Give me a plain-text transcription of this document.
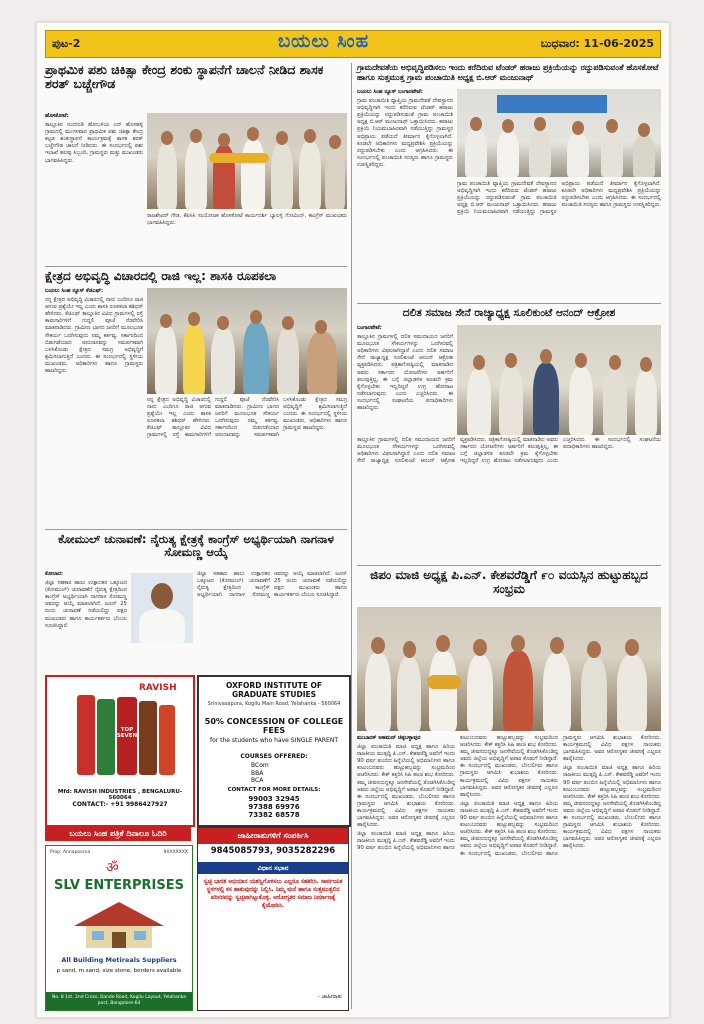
ಪುಟ-2	ಬಯಲು ಸಿಂಹ	ಬುಧವಾರ: 11-06-2025
ಪ್ರಾಥಮಿಕ ಪಶು ಚಿಕಿತ್ಸಾ ಕೇಂದ್ರ ಶಂಕು ಸ್ಥಾಪನೆಗೆ ಚಾಲನೆ ನೀಡಿದ ಶಾಸಕ ಶರತ್ ಬಚ್ಚೇಗೌಡ

ಹೊಸಕೋಟೆ:

ತಾಲ್ಲೂಕಿನ ನಂದಗುಡಿ ಹೋಬಳಿಯ ಎನ್ ಹೊಸಹಳ್ಳಿ ಗ್ರಾಮದಲ್ಲಿ ಮಂಗಳವಾರ ಪ್ರಾಥಮಿಕ ಪಶು ಚಿಕಿತ್ಸಾ ಕೇಂದ್ರ ಕಟ್ಟಡ ಶಂಕುಸ್ಥಾಪನೆ ಕಾರ್ಯಕ್ರಮಕ್ಕೆ ಶಾಸಕ ಶರತ್ ಬಚ್ಚೇಗೌಡ ಚಾಲನೆ ನೀಡಿದರು. ಈ ಸಂದರ್ಭದಲ್ಲಿ ಪಶು ಇಲಾಖೆ ಹಲವು ಸಿಬ್ಬಂದಿ, ಗ್ರಾಮಸ್ಥರು ಮತ್ತು ಮುಖಂಡರು ಭಾಗವಹಿಸಿದ್ದರು.

ರಾಜಶೇಖರ್ ಗೌಡ, ಕೆಪಿಸಿಸಿ ಸಂಯೋಜಕ ಹೊಸಕೋಟೆ ಕಾರ್ಯದರ್ಶಿ ಬ್ಯಾಲಳ್ಳಿ ಗೋವಿಂದ್, ಕಾಂಗ್ರೆಸ್ ಮುಖಂಡರು ಭಾಗವಹಿಸಿದ್ದರು.
ಕ್ಷೇತ್ರದ ಅಭಿವೃದ್ಧಿ ವಿಚಾರದಲ್ಲಿ ರಾಜಿ ಇಲ್ಲ: ಶಾಸಕಿ ರೂಪಕಲಾ

ಬಯಲು ಸಿಂಹ ನ್ಯೂಸ್ ಕೆಜಿಎಫ್:

ನನ್ನ ಕ್ಷೇತ್ರದ ಅಭಿವೃದ್ಧಿ ವಿಚಾರದಲ್ಲಿ ನಾನು ಎಂದಿಗೂ ರಾಜಿ ಆಗುವ ಪ್ರಶ್ನೆಯೇ ಇಲ್ಲ ಎಂದು ಶಾಸಕಿ ರೂಪಕಲಾ ಶಶಿಧರ್ ಹೇಳಿದರು. ಕೆಜಿಎಫ್ ತಾಲ್ಲೂಕಿನ ವಿವಿಧ ಗ್ರಾಮಗಳಲ್ಲಿ ರಸ್ತೆ ಕಾಮಗಾರಿಗಳಿಗೆ ಗುದ್ದಲಿ ಪೂಜೆ ನೆರವೇರಿಸಿ ಮಾತನಾಡಿದರು. ಗ್ರಾಮೀಣ ಭಾಗದ ಜನರಿಗೆ ಮೂಲಭೂತ ಸೌಕರ್ಯ ಒದಗಿಸುವುದು ನಮ್ಮ ಕರ್ತವ್ಯ. ಸರ್ಕಾರದಿಂದ ಬಿಡುಗಡೆಯಾದ ಅನುದಾನವನ್ನು ಸಮರ್ಪಕವಾಗಿ ಬಳಸಿಕೊಂಡು ಕ್ಷೇತ್ರದ ಸಮಗ್ರ ಅಭಿವೃದ್ಧಿಗೆ ಶ್ರಮಿಸಲಾಗುತ್ತಿದೆ ಎಂದರು. ಈ ಸಂದರ್ಭದಲ್ಲಿ ಸ್ಥಳೀಯ ಮುಖಂಡರು, ಅಧಿಕಾರಿಗಳು ಹಾಗೂ ಗ್ರಾಮಸ್ಥರು ಹಾಜರಿದ್ದರು.

ನನ್ನ ಕ್ಷೇತ್ರದ ಅಭಿವೃದ್ಧಿ ವಿಚಾರದಲ್ಲಿ ನಾನು ಎಂದಿಗೂ ರಾಜಿ ಆಗುವ ಪ್ರಶ್ನೆಯೇ ಇಲ್ಲ ಎಂದು ಶಾಸಕಿ ರೂಪಕಲಾ ಶಶಿಧರ್ ಹೇಳಿದರು. ಕೆಜಿಎಫ್ ತಾಲ್ಲೂಕಿನ ವಿವಿಧ ಗ್ರಾಮಗಳಲ್ಲಿ ರಸ್ತೆ ಕಾಮಗಾರಿಗಳಿಗೆ ಗುದ್ದಲಿ ಪೂಜೆ ನೆರವೇರಿಸಿ ಮಾತನಾಡಿದರು. ಗ್ರಾಮೀಣ ಭಾಗದ ಜನರಿಗೆ ಮೂಲಭೂತ ಸೌಕರ್ಯ ಒದಗಿಸುವುದು ನಮ್ಮ ಕರ್ತವ್ಯ. ಸರ್ಕಾರದಿಂದ ಬಿಡುಗಡೆಯಾದ ಅನುದಾನವನ್ನು ಸಮರ್ಪಕವಾಗಿ ಬಳಸಿಕೊಂಡು ಕ್ಷೇತ್ರದ ಸಮಗ್ರ ಅಭಿವೃದ್ಧಿಗೆ ಶ್ರಮಿಸಲಾಗುತ್ತಿದೆ ಎಂದರು. ಈ ಸಂದರ್ಭದಲ್ಲಿ ಸ್ಥಳೀಯ ಮುಖಂಡರು, ಅಧಿಕಾರಿಗಳು ಹಾಗೂ ಗ್ರಾಮಸ್ಥರು ಹಾಜರಿದ್ದರು.
ಕೋಮುಲ್ ಚುನಾವಣೆ: ನೈರುತ್ಯ ಕ್ಷೇತ್ರಕ್ಕೆ ಕಾಂಗ್ರೆಸ್ ಅಭ್ಯರ್ಥಿಯಾಗಿ ನಾಗನಾಳ ಸೋಮಣ್ಣ ಆಯ್ಕೆ

ಕೋಲಾರ:

ಜಿಲ್ಲಾ ಸಹಕಾರ ಹಾಲು ಉತ್ಪಾದಕರ ಒಕ್ಕೂಟದ (ಕೋಮುಲ್) ಚುನಾವಣೆಗೆ ನೈರುತ್ಯ ಕ್ಷೇತ್ರದಿಂದ ಕಾಂಗ್ರೆಸ್ ಅಭ್ಯರ್ಥಿಯಾಗಿ ನಾಗನಾಳ ಸೋಮಣ್ಣ ಅವರನ್ನು ಆಯ್ಕೆ ಮಾಡಲಾಗಿದೆ. ಜೂನ್ 25 ರಂದು ಚುನಾವಣೆ ನಡೆಯಲಿದ್ದು ಪಕ್ಷದ ಮುಖಂಡರು ಹಾಗೂ ಕಾರ್ಯಕರ್ತರು ಬೆಂಬಲ ಸೂಚಿಸಿದ್ದಾರೆ.

ಜಿಲ್ಲಾ ಸಹಕಾರ ಹಾಲು ಉತ್ಪಾದಕರ ಒಕ್ಕೂಟದ (ಕೋಮುಲ್) ಚುನಾವಣೆಗೆ ನೈರುತ್ಯ ಕ್ಷೇತ್ರದಿಂದ ಕಾಂಗ್ರೆಸ್ ಅಭ್ಯರ್ಥಿಯಾಗಿ ನಾಗನಾಳ ಸೋಮಣ್ಣ ಅವರನ್ನು ಆಯ್ಕೆ ಮಾಡಲಾಗಿದೆ. ಜೂನ್ 25 ರಂದು ಚುನಾವಣೆ ನಡೆಯಲಿದ್ದು ಪಕ್ಷದ ಮುಖಂಡರು ಹಾಗೂ ಕಾರ್ಯಕರ್ತರು ಬೆಂಬಲ ಸೂಚಿಸಿದ್ದಾರೆ.
RAVISH
TOP SEVEN
Mfd: RAVISH INDUSTRIES , BENGALURU-560064
CONTACT:- +91 9986427927
OXFORD INSTITUTE OF GRADUATE STUDIES
Srinivasapura, Kogilu Main Road, Yelahanka - 560064
50% CONCESSION OF COLLEGE FEES
for the students who have SINGLE PARENT
COURSES OFFERED:
BCom
BBA
BCA
CONTACT FOR MORE DETAILS:
99003 32945
97388 69976
73382 68578
ಬಯಲು ಸಿಂಹ ಪತ್ರಿಕೆ ದಿನಾಲೂ ಓದಿರಿ
Prop: Annapoorna	9XXXXXXX
ॐ
SLV ENTERPRISES
All Building Metireals Suppliers
p sand, m sand, size stone, borders available
No. 8 1st. 2nd Cross, Bande Road, Kogilu Layout, Yelahanka post, Bangalore-64
ಜಾಹೀರಾತುಗಳಿಗೆ ಸಂಪರ್ಕಿಸಿ
9845085793, 9035282296
ವಿಧಾನ ಸಭಾವ
ಸ್ವಚ್ಛ ಭಾರತ ಅಭಿಯಾನ ಯಶಸ್ವಿಗೊಳಿಸಲು ಎಲ್ಲರೂ ಸಹಕರಿಸಿ. ಸಾರ್ವಜನಿಕ ಸ್ಥಳಗಳಲ್ಲಿ ಕಸ ಹಾಕುವುದನ್ನು ನಿಲ್ಲಿಸಿ. ನಿಮ್ಮ ಮನೆ ಹಾಗೂ ಸುತ್ತಮುತ್ತಲಿನ ಪರಿಸರವನ್ನು ಸ್ವಚ್ಛವಾಗಿಟ್ಟುಕೊಳ್ಳಿ. ಆರೋಗ್ಯಕರ ಸಮಾಜ ನಿರ್ಮಾಣಕ್ಕೆ ಕೈಜೋಡಿಸಿ.
- ಜಾಹೀರಾತು
ಗ್ರಾಮದೇವತೆಯ ಅಭಿವೃದ್ಧಿಪಡಿಸಲು ಇಂದು ಕರೆದಿರುವ ಟೆಂಡರ್ ಹರಾಜು ಪ್ರಕ್ರಿಯೆಯನ್ನು ರದ್ದುಪಡಿಸುವಂತೆ ಹೊಸಕೋಟೆ ಹಾಗೂ ಸುತ್ತಮುತ್ತ ಗ್ರಾಮ ಪಂಚಾಯಿತಿ ಅಧ್ಯಕ್ಷ ಬಿ.ಆರ್ ಮಂಜುನಾಥ್

ಬಯಲು ಸಿಂಹ ನ್ಯೂಸ್ ಬಂಗಾರಪೇಟೆ:

ಗ್ರಾಮ ಪಂಚಾಯಿತಿ ವ್ಯಾಪ್ತಿಯ ಗ್ರಾಮದೇವತೆ ದೇವಸ್ಥಾನದ ಅಭಿವೃದ್ಧಿಗಾಗಿ ಇಂದು ಕರೆದಿರುವ ಟೆಂಡರ್ ಹರಾಜು ಪ್ರಕ್ರಿಯೆಯನ್ನು ರದ್ದುಪಡಿಸುವಂತೆ ಗ್ರಾಮ ಪಂಚಾಯಿತಿ ಅಧ್ಯಕ್ಷ ಬಿ.ಆರ್ ಮಂಜುನಾಥ್ ಒತ್ತಾಯಿಸಿದರು. ಹರಾಜು ಪ್ರಕ್ರಿಯೆ ನಿಯಮಬಾಹಿರವಾಗಿ ನಡೆಯುತ್ತಿದ್ದು ಗ್ರಾಮಸ್ಥರ ಅಭಿಪ್ರಾಯ ಪಡೆಯದೆ ತೀರ್ಮಾನ ಕೈಗೊಳ್ಳಲಾಗಿದೆ. ಕೂಡಲೇ ಅಧಿಕಾರಿಗಳು ಮಧ್ಯಪ್ರವೇಶಿಸಿ ಪ್ರಕ್ರಿಯೆಯನ್ನು ರದ್ದುಪಡಿಸಬೇಕು ಎಂದು ಆಗ್ರಹಿಸಿದರು. ಈ ಸಂದರ್ಭದಲ್ಲಿ ಪಂಚಾಯಿತಿ ಸದಸ್ಯರು ಹಾಗೂ ಗ್ರಾಮಸ್ಥರು ಉಪಸ್ಥಿತರಿದ್ದರು.

ಗ್ರಾಮ ಪಂಚಾಯಿತಿ ವ್ಯಾಪ್ತಿಯ ಗ್ರಾಮದೇವತೆ ದೇವಸ್ಥಾನದ ಅಭಿವೃದ್ಧಿಗಾಗಿ ಇಂದು ಕರೆದಿರುವ ಟೆಂಡರ್ ಹರಾಜು ಪ್ರಕ್ರಿಯೆಯನ್ನು ರದ್ದುಪಡಿಸುವಂತೆ ಗ್ರಾಮ ಪಂಚಾಯಿತಿ ಅಧ್ಯಕ್ಷ ಬಿ.ಆರ್ ಮಂಜುನಾಥ್ ಒತ್ತಾಯಿಸಿದರು. ಹರಾಜು ಪ್ರಕ್ರಿಯೆ ನಿಯಮಬಾಹಿರವಾಗಿ ನಡೆಯುತ್ತಿದ್ದು ಗ್ರಾಮಸ್ಥರ ಅಭಿಪ್ರಾಯ ಪಡೆಯದೆ ತೀರ್ಮಾನ ಕೈಗೊಳ್ಳಲಾಗಿದೆ. ಕೂಡಲೇ ಅಧಿಕಾರಿಗಳು ಮಧ್ಯಪ್ರವೇಶಿಸಿ ಪ್ರಕ್ರಿಯೆಯನ್ನು ರದ್ದುಪಡಿಸಬೇಕು ಎಂದು ಆಗ್ರಹಿಸಿದರು. ಈ ಸಂದರ್ಭದಲ್ಲಿ ಪಂಚಾಯಿತಿ ಸದಸ್ಯರು ಹಾಗೂ ಗ್ರಾಮಸ್ಥರು ಉಪಸ್ಥಿತರಿದ್ದರು.
ದಲಿತ ಸಮಾಜ ಸೇನೆ ರಾಜ್ಯಾಧ್ಯಕ್ಷ ಸೂಲಿಕುಂಟೆ ಆನಂದ್ ಆಕ್ರೋಶ

ಬಂಗಾರಪೇಟೆ:

ತಾಲ್ಲೂಕಿನ ಗ್ರಾಮಗಳಲ್ಲಿ ದಲಿತ ಸಮುದಾಯದ ಜನರಿಗೆ ಮೂಲಭೂತ ಸೌಕರ್ಯಗಳನ್ನು ಒದಗಿಸುವಲ್ಲಿ ಅಧಿಕಾರಿಗಳು ವಿಫಲರಾಗಿದ್ದಾರೆ ಎಂದು ದಲಿತ ಸಮಾಜ ಸೇನೆ ರಾಜ್ಯಾಧ್ಯಕ್ಷ ಸೂಲಿಕುಂಟೆ ಆನಂದ್ ಆಕ್ರೋಶ ವ್ಯಕ್ತಪಡಿಸಿದರು. ಪತ್ರಿಕಾಗೋಷ್ಠಿಯಲ್ಲಿ ಮಾತನಾಡಿದ ಅವರು ಸರ್ಕಾರದ ಯೋಜನೆಗಳು ಅರ್ಹರಿಗೆ ತಲುಪುತ್ತಿಲ್ಲ, ಈ ಬಗ್ಗೆ ಜಿಲ್ಲಾಡಳಿತ ಕೂಡಲೇ ಕ್ರಮ ಕೈಗೊಳ್ಳಬೇಕು ಇಲ್ಲದಿದ್ದರೆ ಉಗ್ರ ಹೋರಾಟ ನಡೆಸಲಾಗುವುದು ಎಂದು ಎಚ್ಚರಿಸಿದರು. ಈ ಸಂದರ್ಭದಲ್ಲಿ ಸಂಘಟನೆಯ ಪದಾಧಿಕಾರಿಗಳು ಹಾಜರಿದ್ದರು.

ತಾಲ್ಲೂಕಿನ ಗ್ರಾಮಗಳಲ್ಲಿ ದಲಿತ ಸಮುದಾಯದ ಜನರಿಗೆ ಮೂಲಭೂತ ಸೌಕರ್ಯಗಳನ್ನು ಒದಗಿಸುವಲ್ಲಿ ಅಧಿಕಾರಿಗಳು ವಿಫಲರಾಗಿದ್ದಾರೆ ಎಂದು ದಲಿತ ಸಮಾಜ ಸೇನೆ ರಾಜ್ಯಾಧ್ಯಕ್ಷ ಸೂಲಿಕುಂಟೆ ಆನಂದ್ ಆಕ್ರೋಶ ವ್ಯಕ್ತಪಡಿಸಿದರು. ಪತ್ರಿಕಾಗೋಷ್ಠಿಯಲ್ಲಿ ಮಾತನಾಡಿದ ಅವರು ಸರ್ಕಾರದ ಯೋಜನೆಗಳು ಅರ್ಹರಿಗೆ ತಲುಪುತ್ತಿಲ್ಲ, ಈ ಬಗ್ಗೆ ಜಿಲ್ಲಾಡಳಿತ ಕೂಡಲೇ ಕ್ರಮ ಕೈಗೊಳ್ಳಬೇಕು ಇಲ್ಲದಿದ್ದರೆ ಉಗ್ರ ಹೋರಾಟ ನಡೆಸಲಾಗುವುದು ಎಂದು ಎಚ್ಚರಿಸಿದರು. ಈ ಸಂದರ್ಭದಲ್ಲಿ ಸಂಘಟನೆಯ ಪದಾಧಿಕಾರಿಗಳು ಹಾಜರಿದ್ದರು.
ಜಿಪಂ ಮಾಜಿ ಅಧ್ಯಕ್ಷ ಪಿ.ಎನ್. ಕೇಶವರೆಡ್ಡಿಗೆ ೯೦ ವಯಸ್ಸಿನ ಹುಟ್ಟುಹಬ್ಬದ ಸಂಭ್ರಮ

ಮುಬಾರಕ್ ಅಹಮದ್ ಚಿಕ್ಕಬಳ್ಳಾಪುರ

ಜಿಲ್ಲಾ ಪಂಚಾಯಿತಿ ಮಾಜಿ ಅಧ್ಯಕ್ಷ ಹಾಗೂ ಹಿರಿಯ ರಾಜಕೀಯ ಮುತ್ಸದ್ದಿ ಪಿ.ಎನ್. ಕೇಶವರೆಡ್ಡಿ ಅವರಿಗೆ ಇಂದು 90 ವರ್ಷ ತುಂಬಿದ ಹಿನ್ನೆಲೆಯಲ್ಲಿ ಅಭಿಮಾನಿಗಳು ಹಾಗೂ ಕುಟುಂಬದವರು ಹುಟ್ಟುಹಬ್ಬವನ್ನು ಸಂಭ್ರಮದಿಂದ ಆಚರಿಸಿದರು. ಕೇಕ್ ಕತ್ತರಿಸಿ ಸಿಹಿ ಹಂಚಿ ಶುಭ ಕೋರಿದರು. ತಮ್ಮ ಜೀವನದುದ್ದಕ್ಕೂ ಜನಸೇವೆಯಲ್ಲಿ ತೊಡಗಿಸಿಕೊಂಡಿದ್ದ ಅವರು ಜಿಲ್ಲೆಯ ಅಭಿವೃದ್ಧಿಗೆ ಅಪಾರ ಕೊಡುಗೆ ನೀಡಿದ್ದಾರೆ. ಈ ಸಂದರ್ಭದಲ್ಲಿ ಮುಖಂಡರು, ಬೆಂಬಲಿಗರು ಹಾಗೂ ಗ್ರಾಮಸ್ಥರು ಆಗಮಿಸಿ ಶುಭಾಶಯ ಕೋರಿದರು. ಕಾರ್ಯಕ್ರಮದಲ್ಲಿ ವಿವಿಧ ಪಕ್ಷಗಳ ನಾಯಕರು ಭಾಗವಹಿಸಿದ್ದರು. ಅವರ ಆರೋಗ್ಯಕರ ಜೀವನಕ್ಕೆ ಎಲ್ಲರೂ ಹಾರೈಸಿದರು.

ಜಿಲ್ಲಾ ಪಂಚಾಯಿತಿ ಮಾಜಿ ಅಧ್ಯಕ್ಷ ಹಾಗೂ ಹಿರಿಯ ರಾಜಕೀಯ ಮುತ್ಸದ್ದಿ ಪಿ.ಎನ್. ಕೇಶವರೆಡ್ಡಿ ಅವರಿಗೆ ಇಂದು 90 ವರ್ಷ ತುಂಬಿದ ಹಿನ್ನೆಲೆಯಲ್ಲಿ ಅಭಿಮಾನಿಗಳು ಹಾಗೂ ಕುಟುಂಬದವರು ಹುಟ್ಟುಹಬ್ಬವನ್ನು ಸಂಭ್ರಮದಿಂದ ಆಚರಿಸಿದರು. ಕೇಕ್ ಕತ್ತರಿಸಿ ಸಿಹಿ ಹಂಚಿ ಶುಭ ಕೋರಿದರು. ತಮ್ಮ ಜೀವನದುದ್ದಕ್ಕೂ ಜನಸೇವೆಯಲ್ಲಿ ತೊಡಗಿಸಿಕೊಂಡಿದ್ದ ಅವರು ಜಿಲ್ಲೆಯ ಅಭಿವೃದ್ಧಿಗೆ ಅಪಾರ ಕೊಡುಗೆ ನೀಡಿದ್ದಾರೆ. ಈ ಸಂದರ್ಭದಲ್ಲಿ ಮುಖಂಡರು, ಬೆಂಬಲಿಗರು ಹಾಗೂ ಗ್ರಾಮಸ್ಥರು ಆಗಮಿಸಿ ಶುಭಾಶಯ ಕೋರಿದರು. ಕಾರ್ಯಕ್ರಮದಲ್ಲಿ ವಿವಿಧ ಪಕ್ಷಗಳ ನಾಯಕರು ಭಾಗವಹಿಸಿದ್ದರು. ಅವರ ಆರೋಗ್ಯಕರ ಜೀವನಕ್ಕೆ ಎಲ್ಲರೂ ಹಾರೈಸಿದರು.

ಜಿಲ್ಲಾ ಪಂಚಾಯಿತಿ ಮಾಜಿ ಅಧ್ಯಕ್ಷ ಹಾಗೂ ಹಿರಿಯ ರಾಜಕೀಯ ಮುತ್ಸದ್ದಿ ಪಿ.ಎನ್. ಕೇಶವರೆಡ್ಡಿ ಅವರಿಗೆ ಇಂದು 90 ವರ್ಷ ತುಂಬಿದ ಹಿನ್ನೆಲೆಯಲ್ಲಿ ಅಭಿಮಾನಿಗಳು ಹಾಗೂ ಕುಟುಂಬದವರು ಹುಟ್ಟುಹಬ್ಬವನ್ನು ಸಂಭ್ರಮದಿಂದ ಆಚರಿಸಿದರು. ಕೇಕ್ ಕತ್ತರಿಸಿ ಸಿಹಿ ಹಂಚಿ ಶುಭ ಕೋರಿದರು. ತಮ್ಮ ಜೀವನದುದ್ದಕ್ಕೂ ಜನಸೇವೆಯಲ್ಲಿ ತೊಡಗಿಸಿಕೊಂಡಿದ್ದ ಅವರು ಜಿಲ್ಲೆಯ ಅಭಿವೃದ್ಧಿಗೆ ಅಪಾರ ಕೊಡುಗೆ ನೀಡಿದ್ದಾರೆ. ಈ ಸಂದರ್ಭದಲ್ಲಿ ಮುಖಂಡರು, ಬೆಂಬಲಿಗರು ಹಾಗೂ ಗ್ರಾಮಸ್ಥರು ಆಗಮಿಸಿ ಶುಭಾಶಯ ಕೋರಿದರು. ಕಾರ್ಯಕ್ರಮದಲ್ಲಿ ವಿವಿಧ ಪಕ್ಷಗಳ ನಾಯಕರು ಭಾಗವಹಿಸಿದ್ದರು. ಅವರ ಆರೋಗ್ಯಕರ ಜೀವನಕ್ಕೆ ಎಲ್ಲರೂ ಹಾರೈಸಿದರು.

ಜಿಲ್ಲಾ ಪಂಚಾಯಿತಿ ಮಾಜಿ ಅಧ್ಯಕ್ಷ ಹಾಗೂ ಹಿರಿಯ ರಾಜಕೀಯ ಮುತ್ಸದ್ದಿ ಪಿ.ಎನ್. ಕೇಶವರೆಡ್ಡಿ ಅವರಿಗೆ ಇಂದು 90 ವರ್ಷ ತುಂಬಿದ ಹಿನ್ನೆಲೆಯಲ್ಲಿ ಅಭಿಮಾನಿಗಳು ಹಾಗೂ ಕುಟುಂಬದವರು ಹುಟ್ಟುಹಬ್ಬವನ್ನು ಸಂಭ್ರಮದಿಂದ ಆಚರಿಸಿದರು. ಕೇಕ್ ಕತ್ತರಿಸಿ ಸಿಹಿ ಹಂಚಿ ಶುಭ ಕೋರಿದರು. ತಮ್ಮ ಜೀವನದುದ್ದಕ್ಕೂ ಜನಸೇವೆಯಲ್ಲಿ ತೊಡಗಿಸಿಕೊಂಡಿದ್ದ ಅವರು ಜಿಲ್ಲೆಯ ಅಭಿವೃದ್ಧಿಗೆ ಅಪಾರ ಕೊಡುಗೆ ನೀಡಿದ್ದಾರೆ. ಈ ಸಂದರ್ಭದಲ್ಲಿ ಮುಖಂಡರು, ಬೆಂಬಲಿಗರು ಹಾಗೂ ಗ್ರಾಮಸ್ಥರು ಆಗಮಿಸಿ ಶುಭಾಶಯ ಕೋರಿದರು. ಕಾರ್ಯಕ್ರಮದಲ್ಲಿ ವಿವಿಧ ಪಕ್ಷಗಳ ನಾಯಕರು ಭಾಗವಹಿಸಿದ್ದರು. ಅವರ ಆರೋಗ್ಯಕರ ಜೀವನಕ್ಕೆ ಎಲ್ಲರೂ ಹಾರೈಸಿದರು.
